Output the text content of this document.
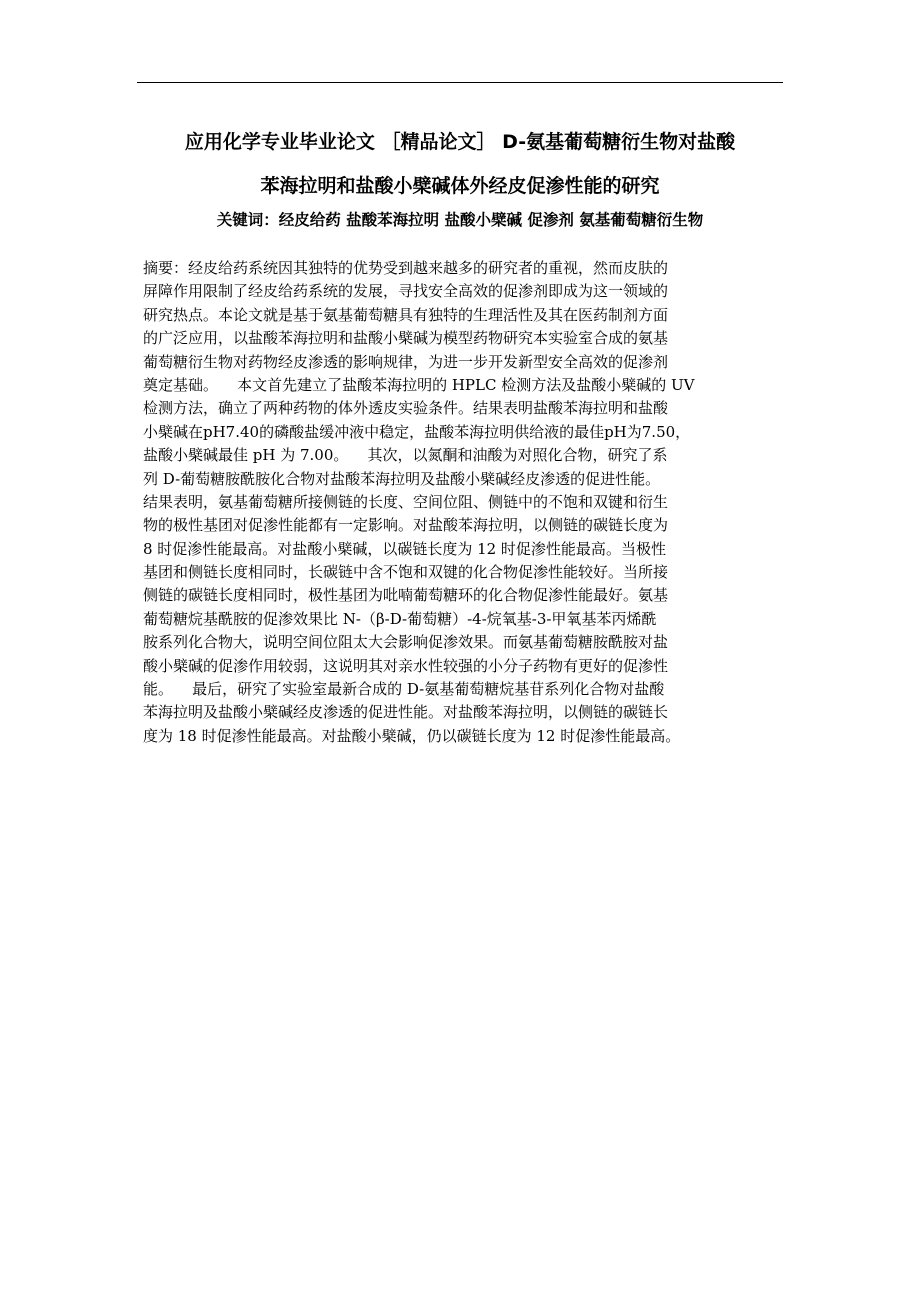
应用化学专业毕业论文 ［精品论文］ D-氨基葡萄糖衍生物对盐酸
苯海拉明和盐酸小檗碱体外经皮促渗性能的研究
关键词：经皮给药 盐酸苯海拉明 盐酸小檗碱 促渗剂 氨基葡萄糖衍生物
摘要：经皮给药系统因其独特的优势受到越来越多的研究者的重视，然而皮肤的
屏障作用限制了经皮给药系统的发展，寻找安全高效的促渗剂即成为这一领域的
研究热点。本论文就是基于氨基葡萄糖具有独特的生理活性及其在医药制剂方面
的广泛应用，以盐酸苯海拉明和盐酸小檗碱为模型药物研究本实验室合成的氨基
葡萄糖衍生物对药物经皮渗透的影响规律，为进一步开发新型安全高效的促渗剂
奠定基础。    本文首先建立了盐酸苯海拉明的 HPLC 检测方法及盐酸小檗碱的 UV
检测方法，确立了两种药物的体外透皮实验条件。结果表明盐酸苯海拉明和盐酸
小檗碱在pH7.40的磷酸盐缓冲液中稳定，盐酸苯海拉明供给液的最佳pH为7.50，
盐酸小檗碱最佳 pH 为 7.00。    其次，以氮酮和油酸为对照化合物，研究了系
列 D-葡萄糖胺酰胺化合物对盐酸苯海拉明及盐酸小檗碱经皮渗透的促进性能。
结果表明，氨基葡萄糖所接侧链的长度、空间位阻、侧链中的不饱和双键和衍生
物的极性基团对促渗性能都有一定影响。对盐酸苯海拉明，以侧链的碳链长度为
8 时促渗性能最高。对盐酸小檗碱，以碳链长度为 12 时促渗性能最高。当极性
基团和侧链长度相同时，长碳链中含不饱和双键的化合物促渗性能较好。当所接
侧链的碳链长度相同时，极性基团为吡喃葡萄糖环的化合物促渗性能最好。氨基
葡萄糖烷基酰胺的促渗效果比 N-（β-D-葡萄糖）-4-烷氧基-3-甲氧基苯丙烯酰
胺系列化合物大，说明空间位阻太大会影响促渗效果。而氨基葡萄糖胺酰胺对盐
酸小檗碱的促渗作用较弱，这说明其对亲水性较强的小分子药物有更好的促渗性
能。    最后，研究了实验室最新合成的 D-氨基葡萄糖烷基苷系列化合物对盐酸
苯海拉明及盐酸小檗碱经皮渗透的促进性能。对盐酸苯海拉明，以侧链的碳链长
度为 18 时促渗性能最高。对盐酸小檗碱，仍以碳链长度为 12 时促渗性能最高。
